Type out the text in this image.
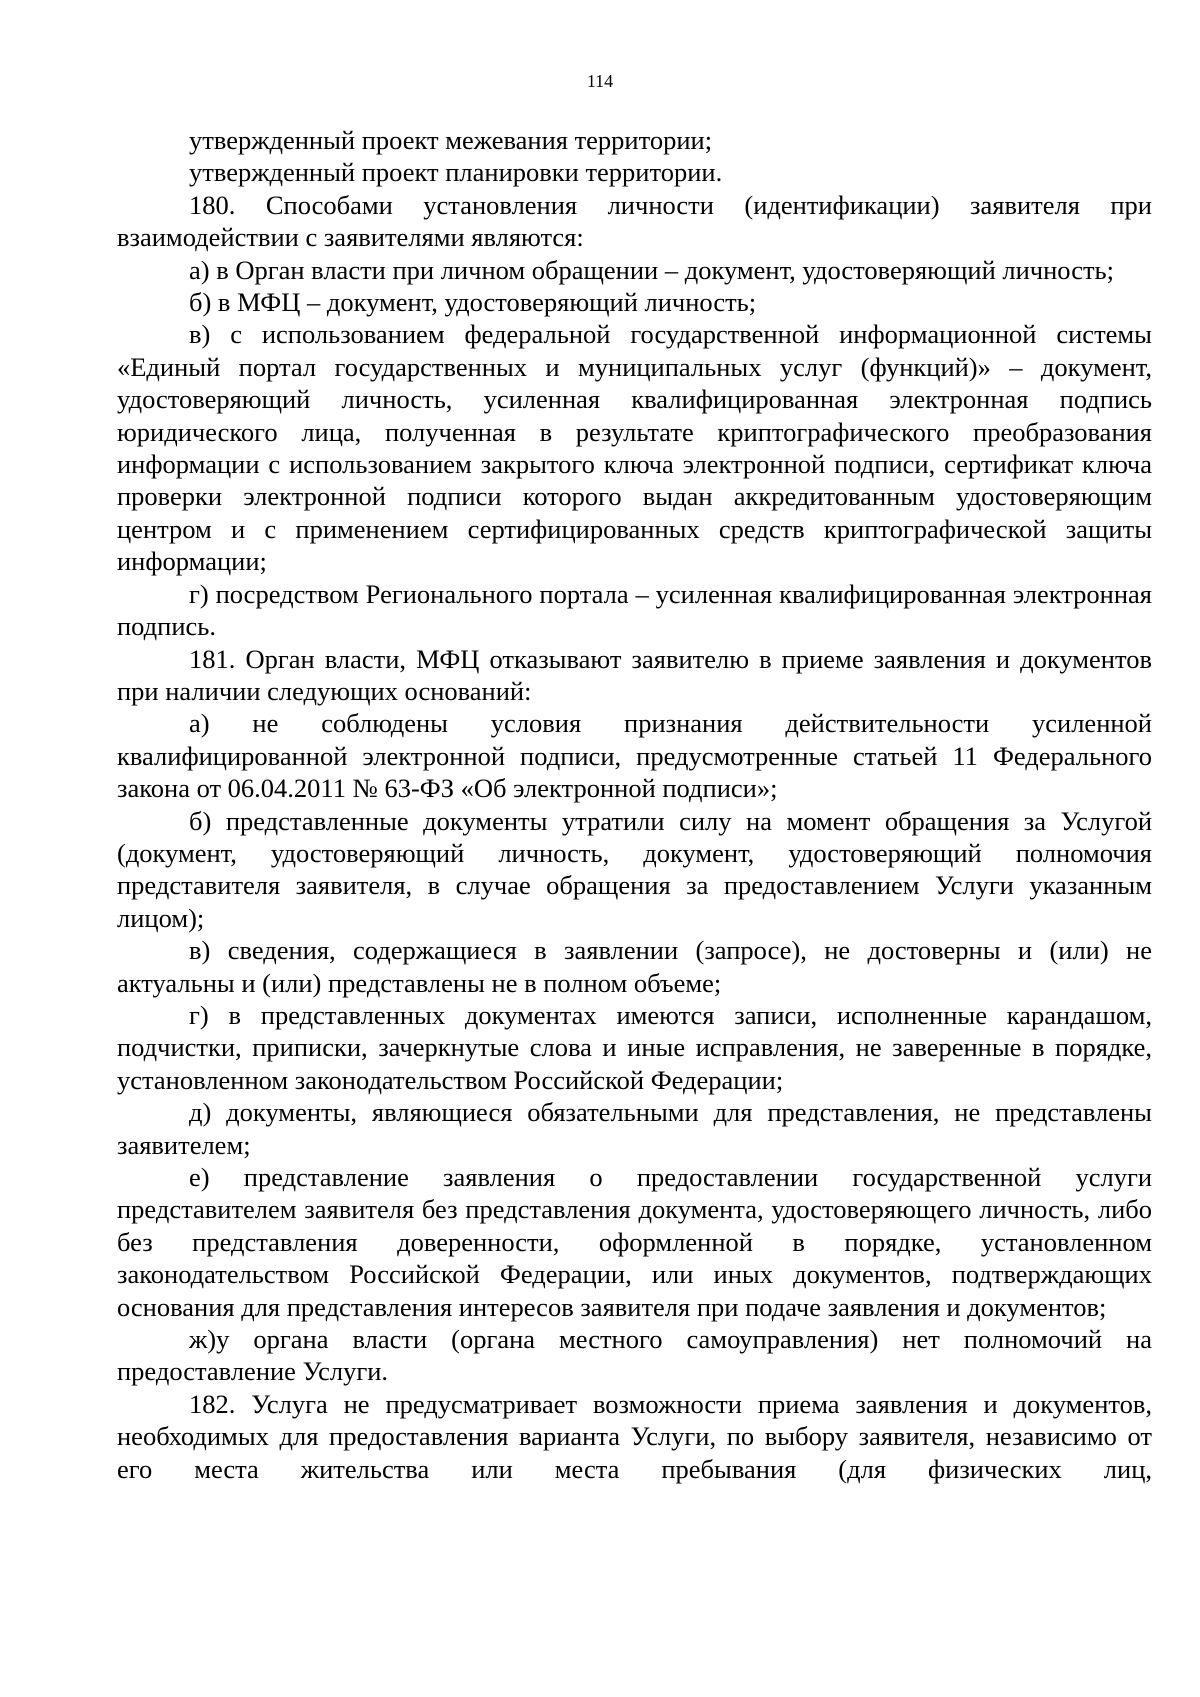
114

утвержденный проект межевания территории;

утвержденный проект планировки территории.

180. Способами установления личности (идентификации) заявителя при взаимодействии с заявителями являются:

а) в Орган власти при личном обращении – документ, удостоверяющий личность;

б) в МФЦ – документ, удостоверяющий личность;

в) с использованием федеральной государственной информационной системы «Единый портал государственных и муниципальных услуг (функций)» – документ, удостоверяющий личность, усиленная квалифицированная электронная подпись юридического лица, полученная в результате криптографического преобразования информации с использованием закрытого ключа электронной подписи, сертификат ключа проверки электронной подписи которого выдан аккредитованным удостоверяющим центром и с применением сертифицированных средств криптографической защиты информации;

г) посредством Регионального портала – усиленная квалифицированная электронная подпись.

181. Орган власти, МФЦ отказывают заявителю в приеме заявления и документов при наличии следующих оснований:

а) не соблюдены условия признания действительности усиленной квалифицированной электронной подписи, предусмотренные статьей 11 Федерального закона от 06.04.2011 № 63-ФЗ «Об электронной подписи»;

б) представленные документы утратили силу на момент обращения за Услугой (документ, удостоверяющий личность, документ, удостоверяющий полномочия представителя заявителя, в случае обращения за предоставлением Услуги указанным лицом);

в) сведения, содержащиеся в заявлении (запросе), не достоверны и (или) не актуальны и (или) представлены не в полном объеме;

г) в представленных документах имеются записи, исполненные карандашом, подчистки, приписки, зачеркнутые слова и иные исправления, не заверенные в порядке, установленном законодательством Российской Федерации;

д) документы, являющиеся обязательными для представления, не представлены заявителем;

е) представление заявления о предоставлении государственной услуги представителем заявителя без представления документа, удостоверяющего личность, либо без представления доверенности, оформленной в порядке, установленном законодательством Российской Федерации, или иных документов, подтверждающих основания для представления интересов заявителя при подаче заявления и документов;

ж)у органа власти (органа местного самоуправления) нет полномочий на предоставление Услуги.

182. Услуга не предусматривает возможности приема заявления и документов, необходимых для предоставления варианта Услуги, по выбору заявителя, независимо от его места жительства или места пребывания (для физических лиц,
